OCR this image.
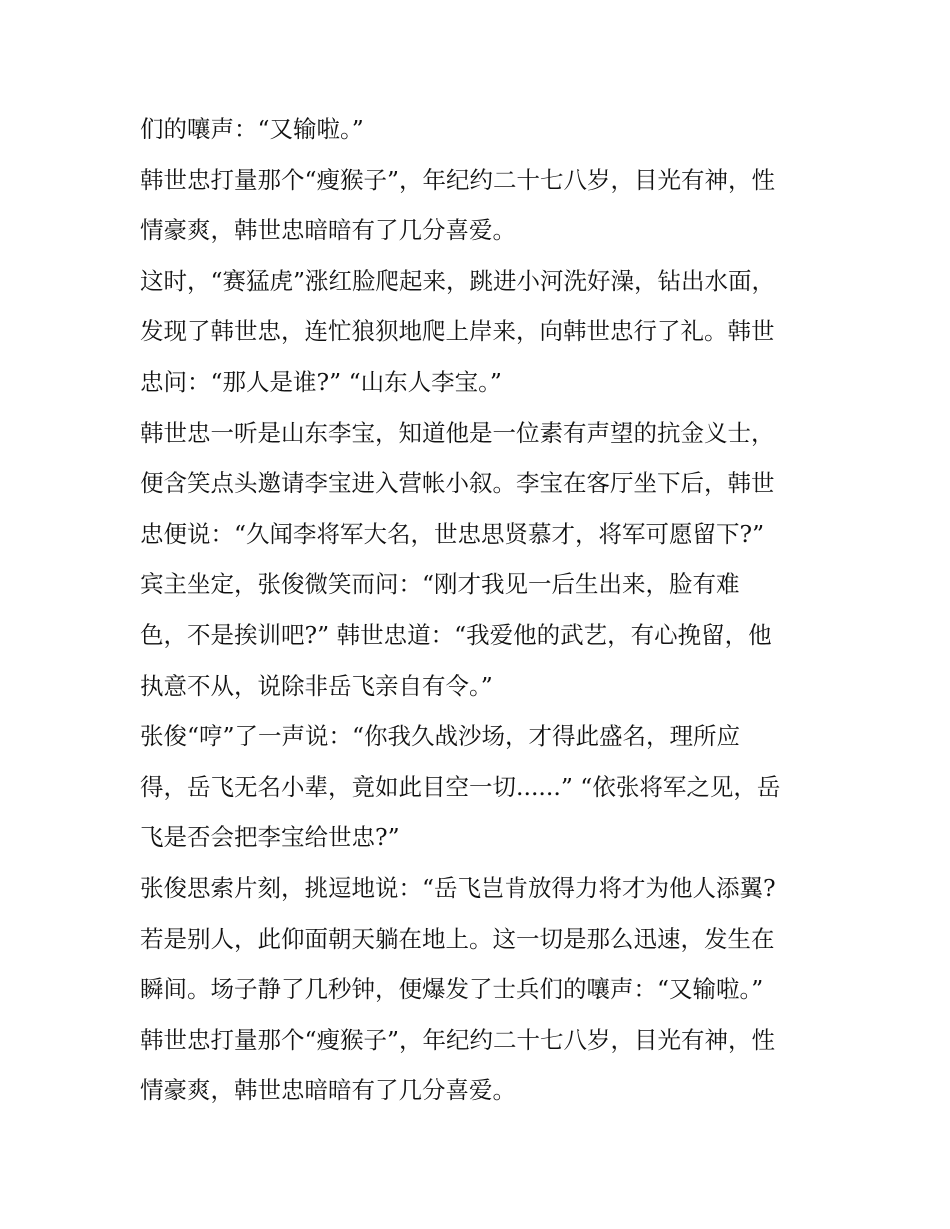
们的嚷声：“又输啦。”
韩世忠打量那个“瘦猴子”，年纪约二十七八岁，目光有神，性
情豪爽，韩世忠暗暗有了几分喜爱。
这时，“赛猛虎”涨红脸爬起来，跳进小河洗好澡，钻出水面，
发现了韩世忠，连忙狼狈地爬上岸来，向韩世忠行了礼。韩世
忠问：“那人是谁?” “山东人李宝。”
韩世忠一听是山东李宝，知道他是一位素有声望的抗金义士，
便含笑点头邀请李宝进入营帐小叙。李宝在客厅坐下后，韩世
忠便说：“久闻李将军大名，世忠思贤慕才，将军可愿留下?”
宾主坐定，张俊微笑而问：“刚才我见一后生出来，脸有难
色，不是挨训吧?” 韩世忠道：“我爱他的武艺，有心挽留，他
执意不从，说除非岳飞亲自有令。”
张俊“哼”了一声说：“你我久战沙场，才得此盛名，理所应
得，岳飞无名小辈，竟如此目空一切......” “依张将军之见，岳
飞是否会把李宝给世忠?”
张俊思索片刻，挑逗地说：“岳飞岂肯放得力将才为他人添翼?
若是别人，此仰面朝天躺在地上。这一切是那么迅速，发生在
瞬间。场子静了几秒钟，便爆发了士兵们的嚷声：“又输啦。”
韩世忠打量那个“瘦猴子”，年纪约二十七八岁，目光有神，性
情豪爽，韩世忠暗暗有了几分喜爱。
